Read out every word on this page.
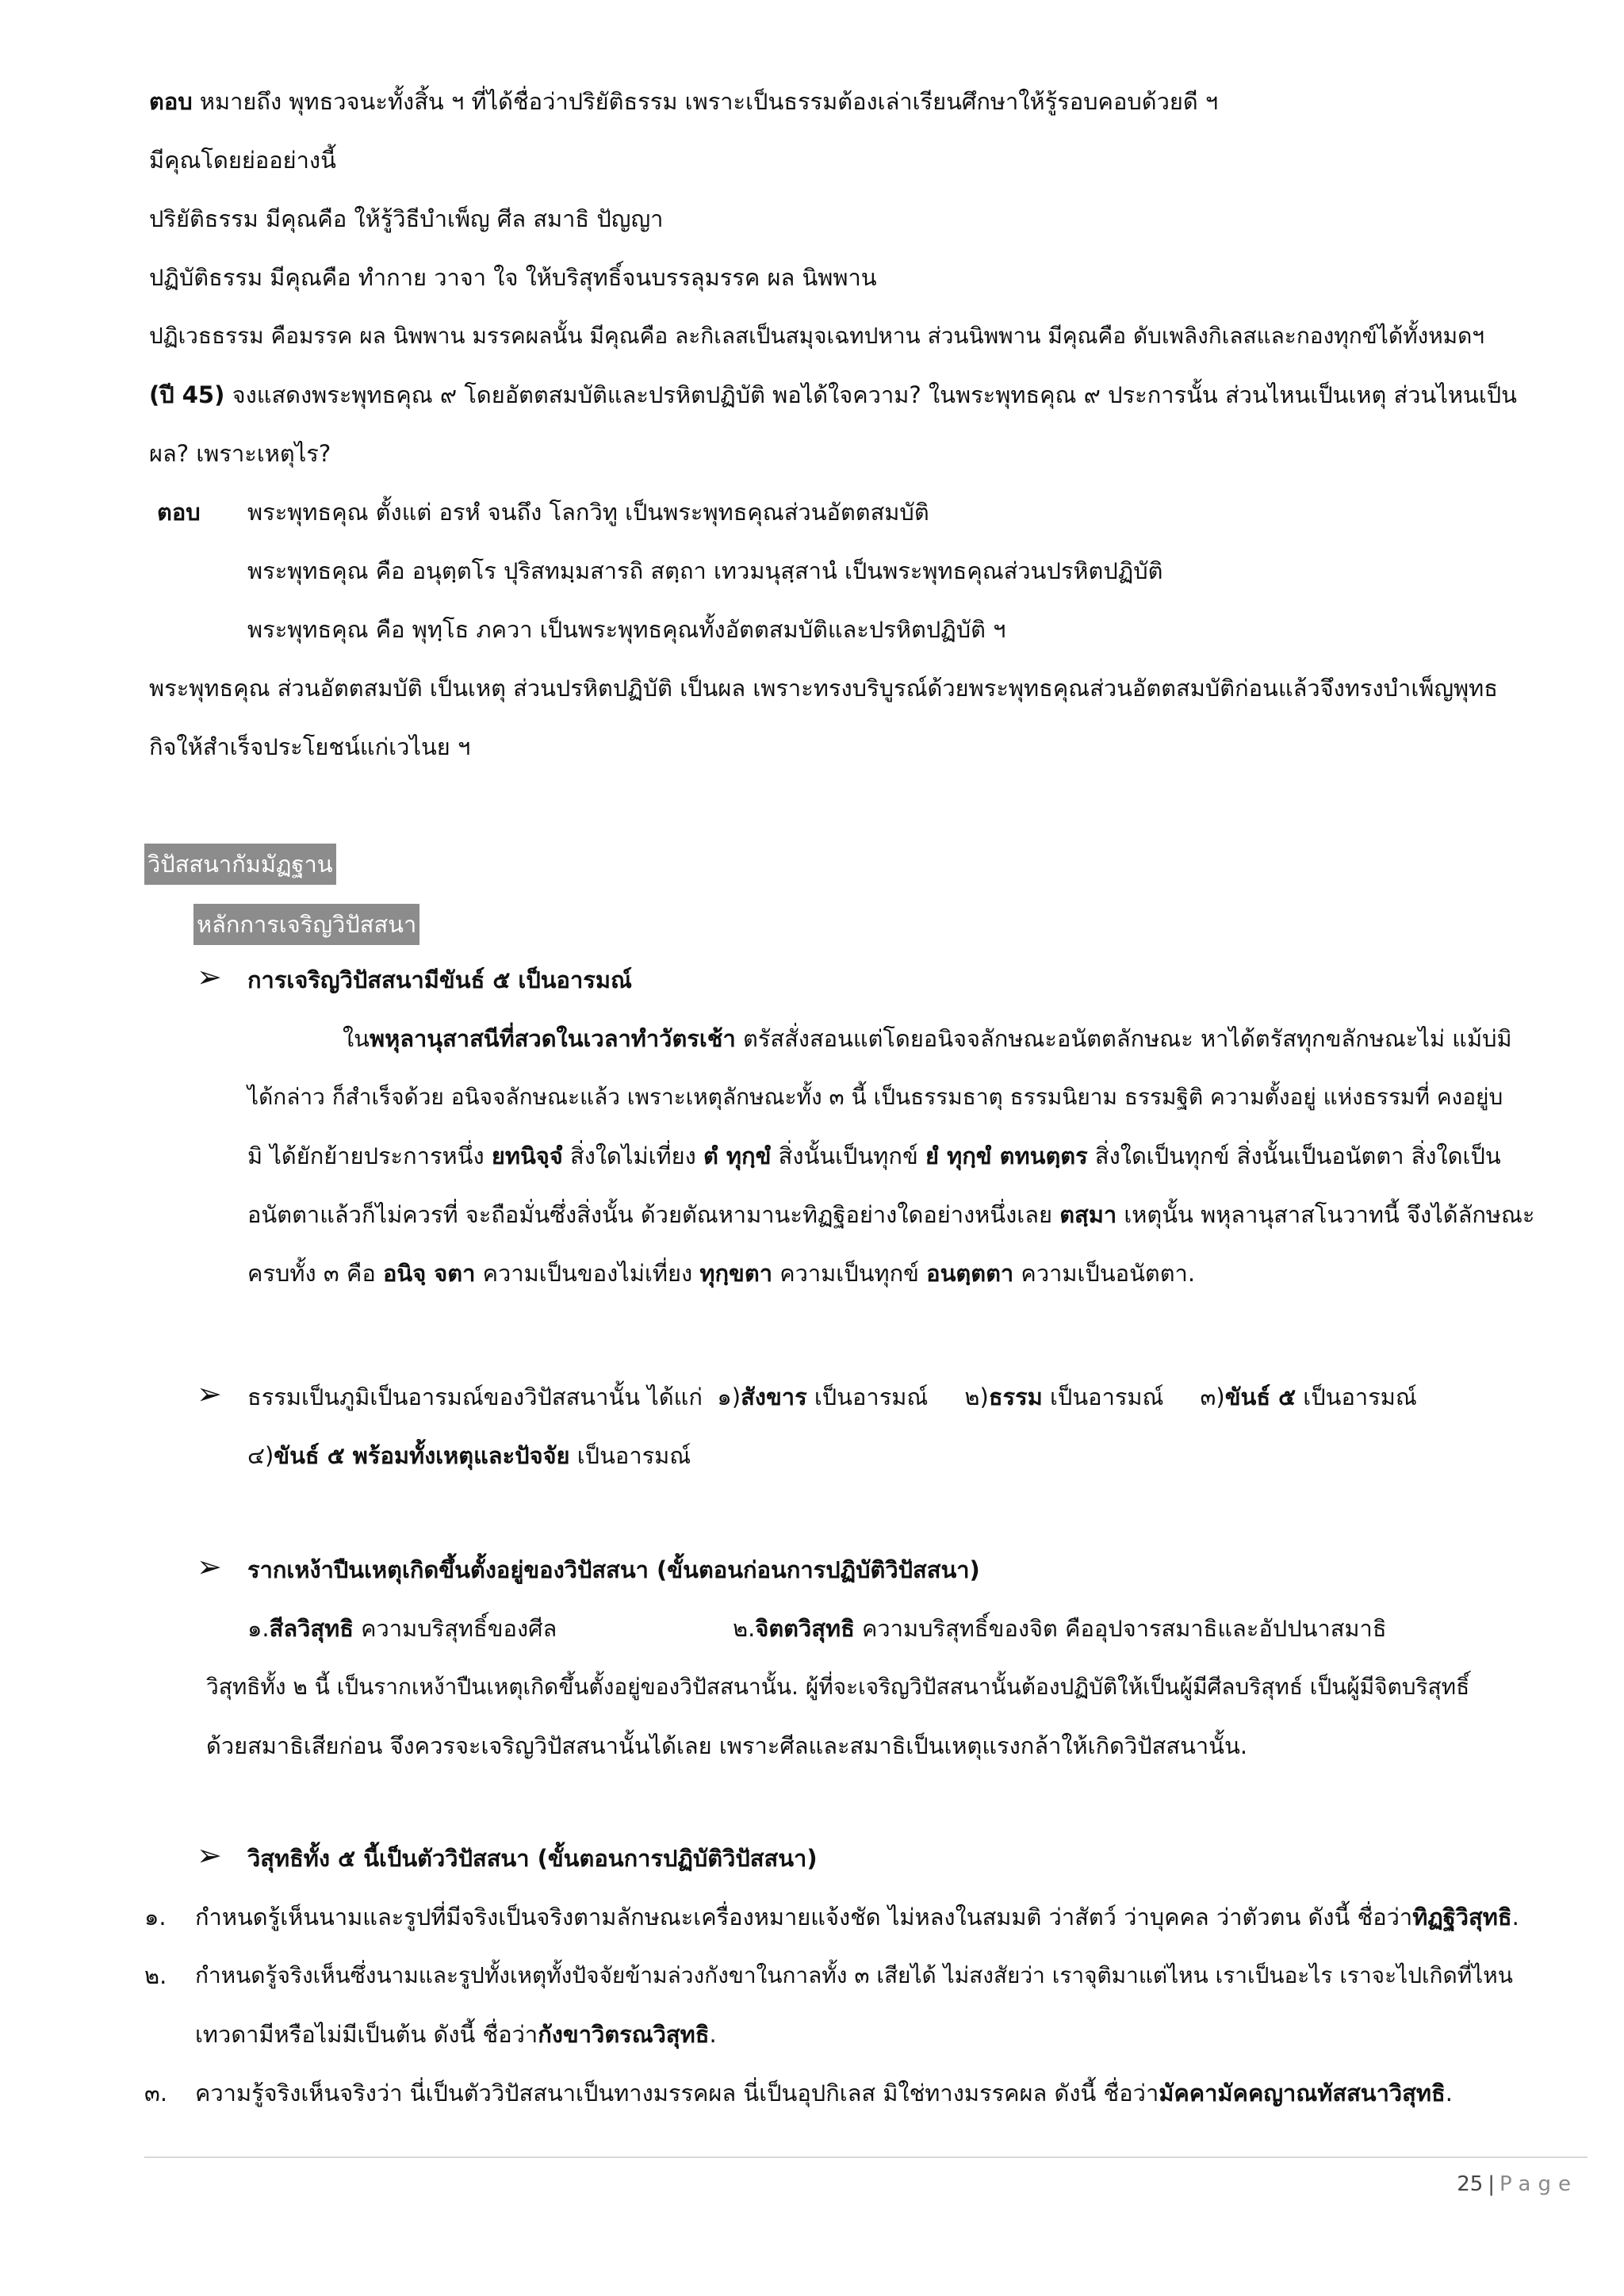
ตอบ หมายถึง พุทธวจนะทั้งสิ้น ฯ ที่ได้ชื่อว่าปริยัติธรรม เพราะเป็นธรรมต้องเล่าเรียนศึกษาให้รู้รอบคอบด้วยดี ฯ
มีคุณโดยย่ออย่างนี้
ปริยัติธรรม มีคุณคือ ให้รู้วิธีบำเพ็ญ ศีล สมาธิ ปัญญา
ปฏิบัติธรรม มีคุณคือ ทำกาย วาจา ใจ ให้บริสุทธิ์จนบรรลุมรรค ผล นิพพาน
ปฏิเวธธรรม คือมรรค ผล นิพพาน มรรคผลนั้น มีคุณคือ ละกิเลสเป็นสมุจเฉทปหาน ส่วนนิพพาน มีคุณคือ ดับเพลิงกิเลสและกองทุกข์ได้ทั้งหมดฯ
(ปี 45) จงแสดงพระพุทธคุณ ๙ โดยอัตตสมบัติและปรหิตปฏิบัติ พอได้ใจความ? ในพระพุทธคุณ ๙ ประการนั้น ส่วนไหนเป็นเหตุ ส่วนไหนเป็น
ผล? เพราะเหตุไร?
ตอบ พระพุทธคุณ ตั้งแต่ อรหํ จนถึง โลกวิทู เป็นพระพุทธคุณส่วนอัตตสมบัติ
พระพุทธคุณ คือ อนุตฺตโร ปุริสทมฺมสารถิ สตฺถา เทวมนุสฺสานํ เป็นพระพุทธคุณส่วนปรหิตปฏิบัติ
พระพุทธคุณ คือ พุทฺโธ ภควา เป็นพระพุทธคุณทั้งอัตตสมบัติและปรหิตปฏิบัติ ฯ
พระพุทธคุณ ส่วนอัตตสมบัติ เป็นเหตุ ส่วนปรหิตปฏิบัติ เป็นผล เพราะทรงบริบูรณ์ด้วยพระพุทธคุณส่วนอัตตสมบัติก่อนแล้วจึงทรงบำเพ็ญพุทธ
กิจให้สำเร็จประโยชน์แก่เวไนย ฯ
วิปัสสนากัมมัฏฐาน
หลักการเจริญวิปัสสนา
➢ การเจริญวิปัสสนามีขันธ์ ๕ เป็นอารมณ์
ในพหุลานุสาสนีที่สวดในเวลาทำวัตรเช้า ตรัสสั่งสอนแต่โดยอนิจจลักษณะอนัตตลักษณะ หาได้ตรัสทุกขลักษณะไม่ แม้บ่มิ
ได้กล่าว ก็สำเร็จด้วย อนิจจลักษณะแล้ว เพราะเหตุลักษณะทั้ง ๓ นี้ เป็นธรรมธาตุ ธรรมนิยาม ธรรมฐิติ ความตั้งอยู่ แห่งธรรมที่ คงอยู่บ
มิ ได้ยักย้ายประการหนึ่ง ยทนิจฺจํ สิ่งใดไม่เที่ยง ตํ ทุกฺขํ สิ่งนั้นเป็นทุกข์ ยํ ทุกฺขํ ตทนตฺตร สิ่งใดเป็นทุกข์ สิ่งนั้นเป็นอนัตตา สิ่งใดเป็น
อนัตตาแล้วก็ไม่ควรที่ จะถือมั่นซึ่งสิ่งนั้น ด้วยตัณหามานะทิฏฐิอย่างใดอย่างหนึ่งเลย ตสฺมา เหตุนั้น พหุลานุสาสโนวาทนี้ จึงได้ลักษณะ
ครบทั้ง ๓ คือ อนิจฺ จตา ความเป็นของไม่เที่ยง ทุกฺขตา ความเป็นทุกข์ อนตฺตตา ความเป็นอนัตตา.
➢ ธรรมเป็นภูมิเป็นอารมณ์ของวิปัสสนานั้น ได้แก่  ๑)สังขาร เป็นอารมณ์     ๒)ธรรม เป็นอารมณ์     ๓)ขันธ์ ๕ เป็นอารมณ์
๔)ขันธ์ ๕ พร้อมทั้งเหตุและปัจจัย เป็นอารมณ์
➢ รากเหง้าปืนเหตุเกิดขึ้นตั้งอยู่ของวิปัสสนา (ขั้นตอนก่อนการปฏิบัติวิปัสสนา)
๑.สีลวิสุทธิ ความบริสุทธิ์ของศีล	๒.จิตตวิสุทธิ ความบริสุทธิ์ของจิต คืออุปจารสมาธิและอัปปนาสมาธิ
วิสุทธิทั้ง ๒ นี้ เป็นรากเหง้าปืนเหตุเกิดขึ้นตั้งอยู่ของวิปัสสนานั้น. ผู้ที่จะเจริญวิปัสสนานั้นต้องปฏิบัติให้เป็นผู้มีศีลบริสุทธ์ เป็นผู้มีจิตบริสุทธิ์
ด้วยสมาธิเสียก่อน จึงควรจะเจริญวิปัสสนานั้นได้เลย เพราะศีลและสมาธิเป็นเหตุแรงกล้าให้เกิดวิปัสสนานั้น.
➢ วิสุทธิทั้ง ๕ นี้เป็นตัววิปัสสนา (ขั้นตอนการปฏิบัติวิปัสสนา)
๑. กำหนดรู้เห็นนามและรูปที่มีจริงเป็นจริงตามลักษณะเครื่องหมายแจ้งชัด ไม่หลงในสมมติ ว่าสัตว์ ว่าบุคคล ว่าตัวตน ดังนี้ ชื่อว่าทิฏฐิวิสุทธิ.
๒. กำหนดรู้จริงเห็นซึ่งนามและรูปทั้งเหตุทั้งปัจจัยข้ามล่วงกังขาในกาลทั้ง ๓ เสียได้ ไม่สงสัยว่า เราจุติมาแต่ไหน เราเป็นอะไร เราจะไปเกิดที่ไหน
เทวดามีหรือไม่มีเป็นต้น ดังนี้ ชื่อว่ากังขาวิตรณวิสุทธิ.
๓. ความรู้จริงเห็นจริงว่า นี่เป็นตัววิปัสสนาเป็นทางมรรคผล นี่เป็นอุปกิเลส มิใช่ทางมรรคผล ดังนี้ ชื่อว่ามัคคามัคคญาณทัสสนาวิสุทธิ.
25 | Page
